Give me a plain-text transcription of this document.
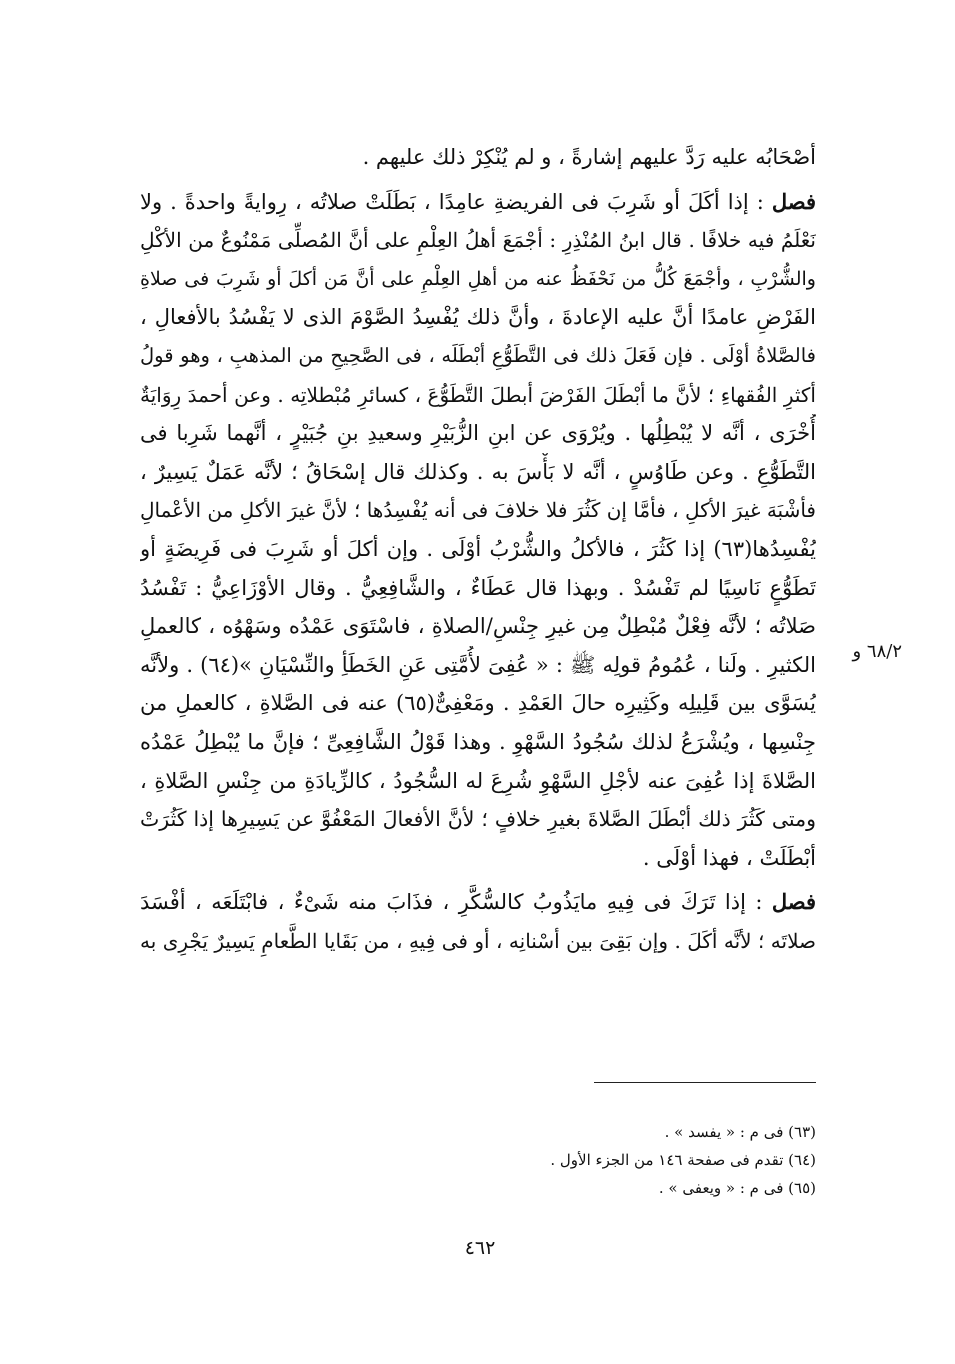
أصْحَابُه عليه رَدَّ عليهم إشارةً ، و لم يُنْكِرْ ذلك عليهم .
فصل : إذا أكَلَ أو شَرِبَ فى الفريضةِ عامِدًا ، بَطَلَتْ صلاتُه ، رِوايةً واحدةً . ولا
نَعْلَمُ فيه خلافًا . قال ابنُ المُنْذِرِ : أجْمَعَ أهلُ العِلْمِ على أنَّ المُصلِّى مَمْنُوعٌ من الأكْلِ
والشُّرْبِ ، وأجْمَعَ كُلُّ من نَحْفَظُ عنه من أهلِ العِلْمِ على أنَّ مَن أكلَ أو شَرِبَ فى صلاةِ
الفَرْضِ عامدًا أنَّ عليه الإعادةَ ، وأنَّ ذلك يُفْسِدُ الصَّوْمَ الذى لا يَفْسُدُ بالأفعالِ ،
فالصَّلاةُ أوْلَى . فإن فَعَلَ ذلك فى التَّطَوُّعِ أبْطَلَه ، فى الصَّحِيحِ من المذهبِ ، وهو قولُ
أكثرِ الفُقهاءِ ؛ لأنَّ ما أبْطَلَ الفَرْضَ أبطلَ التَّطَوُّعَ ، كسائرِ مُبْطلاتِه . وعن أحمدَ رِوَايَةٌ
أُخْرَى ، أنَّه لا يُبْطِلُها . ويُرْوَى عن ابنِ الزُّبَيْرِ وسعيدِ بنِ جُبَيْرٍ ، أنَّهما شَرِبا فى
التَّطَوُّعِ . وعن طَاوُسٍ ، أنَّه لا بَأْسَ به . وكذلك قال إسْحَاقُ ؛ لأنَّه عَمَلٌ يَسِيرٌ ،
فأشْبَهَ غيرَ الأكلِ ، فأمَّا إن كَثُرَ فلا خلافَ فى أنه يُفْسِدُها ؛ لأنَّ غيرَ الأكلِ من الأعْمالِ
يُفْسِدُها(٦٣) إذا كَثُرَ ، فالأكلُ والشُّرْبُ أوْلَى . وإن أكلَ أو شَرِبَ فى فَرِيضَةٍ أو
تَطَوُّعٍ نَاسِيًا لم تَفْسُدْ . وبهذا قال عَطَاءٌ ، والشَّافِعِيُّ . وقال الأوْزَاعِيُّ : تَفْسُدُ
صَلاتُه ؛ لأنَّه فِعْلٌ مُبْطِلٌ مِن غيرِ جِنْسِ/الصلاةِ ، فاسْتَوَى عَمْدُه وسَهْوُه ، كالعملِ
الكثيرِ . ولَنا ، عُمُومُ قولِه ﷺ : « عُفِىَ لأُمَّتِى عَنِ الخَطَأِ والنِّسْيَانِ »(٦٤) . ولأنَّه
يُسَوَّى بين قَلِيلِه وكَثِيرِه حالَ العَمْدِ . ومَعْفِىٌّ(٦٥) عنه فى الصَّلاةِ ، كالعملِ من
جِنْسِها ، ويُشْرَعُ لذلك سُجُودُ السَّهْوِ . وهذا قَوْلُ الشَّافِعِىِّ ؛ فإنَّ ما يُبْطِلُ عَمْدُه
الصَّلاةَ إذا عُفِىَ عنه لأجْلِ السَّهْوِ شُرِعَ له السُّجُودُ ، كالزِّيادَةِ من جِنْسِ الصَّلاةِ ،
ومتى كَثُرَ ذلك أبْطَلَ الصَّلاةَ بغيرِ خلافٍ ؛ لأنَّ الأفعالَ المَعْفُوَّ عن يَسِيرِها إذا كَثُرَتْ
أبْطَلَتْ ، فهذا أوْلَى .
فصل : إذا تَرَكَ فى فِيهِ مايَذُوبُ كالسُّكَّرِ ، فذَابَ منه شَىْءٌ ، فابْتَلَعَه ، أفْسَدَ
صلاتَه ؛ لأنَّه أكَلَ . وإن بَقِىَ بين أسْنانِه ، أو فى فِيهِ ، من بَقَايا الطَّعامِ يَسِيرٌ يَجْرِى به
٦٨/٢ و
(٦٣) فى م : « يفسد » .
(٦٤) تقدم فى صفحة ١٤٦ من الجزء الأول .
(٦٥) فى م : « ويعفى » .
٤٦٢
